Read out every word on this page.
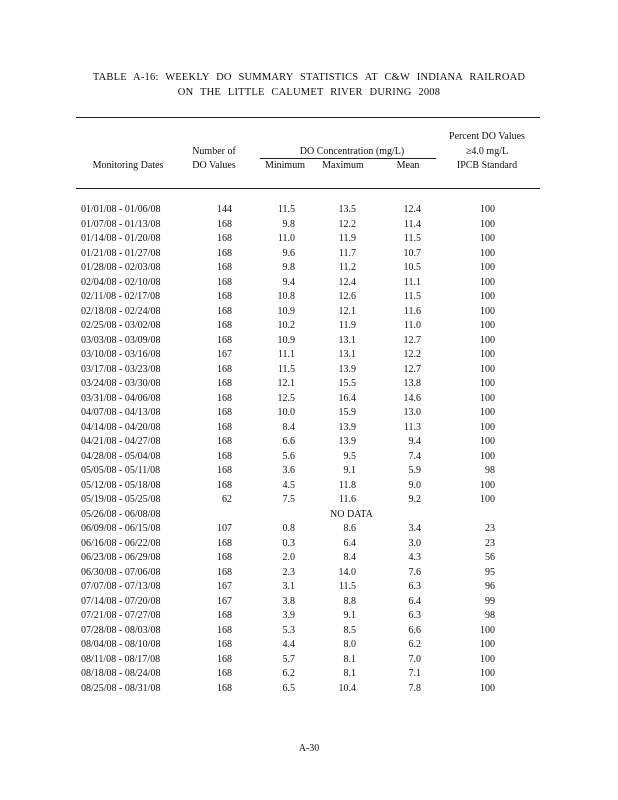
TABLE A-16: WEEKLY DO SUMMARY STATISTICS AT C&W INDIANA RAILROAD
ON THE LITTLE CALUMET RIVER DURING 2008
Percent DO Values
Number of	DO Concentration (mg/L)	≥4.0 mg/L
Monitoring Dates	DO Values	Minimum	Maximum	Mean	IPCB Standard
01/01/08 - 01/06/08	144	11.5	13.5	12.4	100
01/07/08 - 01/13/08	168	9.8	12.2	11.4	100
01/14/08 - 01/20/08	168	11.0	11.9	11.5	100
01/21/08 - 01/27/08	168	9.6	11.7	10.7	100
01/28/08 - 02/03/08	168	9.8	11.2	10.5	100
02/04/08 - 02/10/08	168	9.4	12.4	11.1	100
02/11/08 - 02/17/08	168	10.8	12.6	11.5	100
02/18/08 - 02/24/08	168	10.9	12.1	11.6	100
02/25/08 - 03/02/08	168	10.2	11.9	11.0	100
03/03/08 - 03/09/08	168	10.9	13.1	12.7	100
03/10/08 - 03/16/08	167	11.1	13.1	12.2	100
03/17/08 - 03/23/08	168	11.5	13.9	12.7	100
03/24/08 - 03/30/08	168	12.1	15.5	13.8	100
03/31/08 - 04/06/08	168	12.5	16.4	14.6	100
04/07/08 - 04/13/08	168	10.0	15.9	13.0	100
04/14/08 - 04/20/08	168	8.4	13.9	11.3	100
04/21/08 - 04/27/08	168	6.6	13.9	9.4	100
04/28/08 - 05/04/08	168	5.6	9.5	7.4	100
05/05/08 - 05/11/08	168	3.6	9.1	5.9	98
05/12/08 - 05/18/08	168	4.5	11.8	9.0	100
05/19/08 - 05/25/08	62	7.5	11.6	9.2	100
05/26/08 - 06/08/08	NO DATA
06/09/08 - 06/15/08	107	0.8	8.6	3.4	23
06/16/08 - 06/22/08	168	0.3	6.4	3.0	23
06/23/08 - 06/29/08	168	2.0	8.4	4.3	56
06/30/08 - 07/06/08	168	2.3	14.0	7.6	95
07/07/08 - 07/13/08	167	3.1	11.5	6.3	96
07/14/08 - 07/20/08	167	3.8	8.8	6.4	99
07/21/08 - 07/27/08	168	3.9	9.1	6.3	98
07/28/08 - 08/03/08	168	5.3	8.5	6.6	100
08/04/08 - 08/10/08	168	4.4	8.0	6.2	100
08/11/08 - 08/17/08	168	5.7	8.1	7.0	100
08/18/08 - 08/24/08	168	6.2	8.1	7.1	100
08/25/08 - 08/31/08	168	6.5	10.4	7.8	100
A-30
